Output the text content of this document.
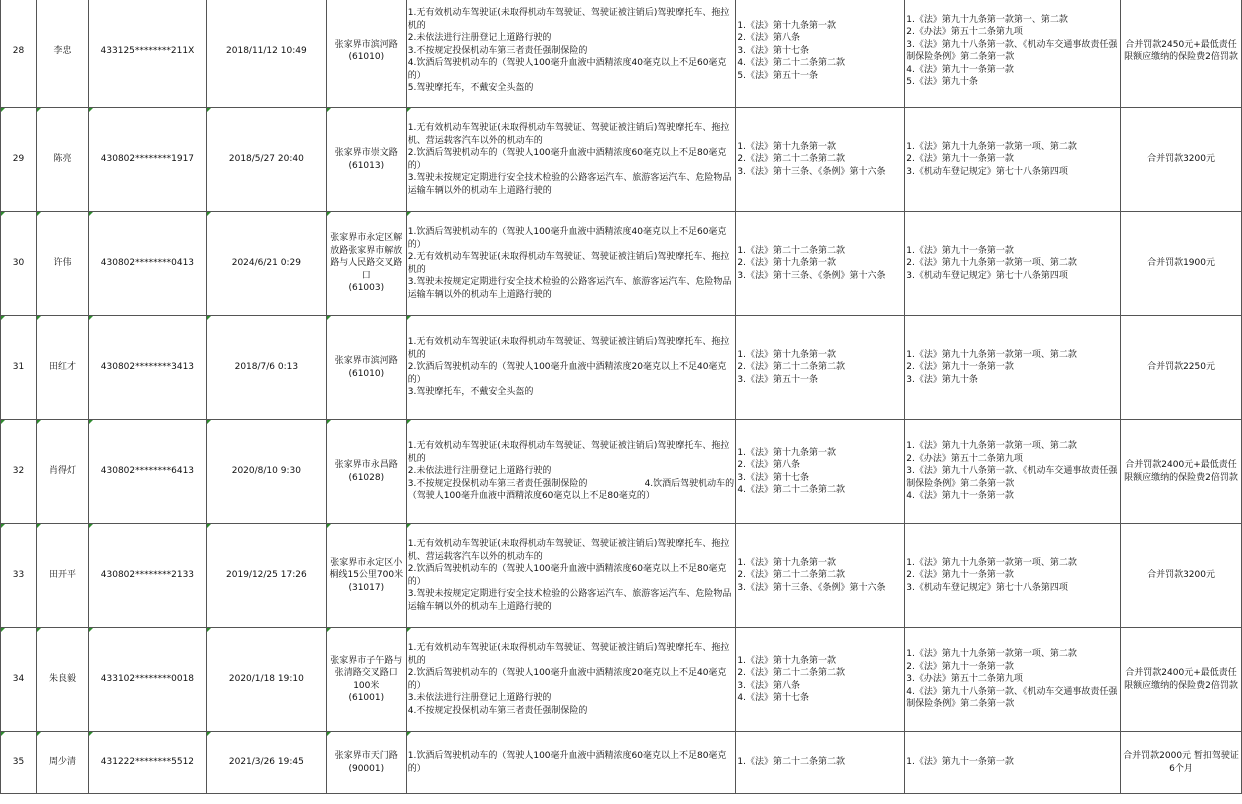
28	李忠	433125********211X	2018/11/12 10:49	张家界市滨河路
(61010)	1.无有效机动车驾驶证(未取得机动车驾驶证、驾驶证被注销后)驾驶摩托车、拖拉机的
2.未依法进行注册登记上道路行驶的
3.不按规定投保机动车第三者责任强制保险的
4.饮酒后驾驶机动车的（驾驶人100毫升血液中酒精浓度40毫克以上不足60毫克的）
5.驾驶摩托车，不戴安全头盔的	1.《法》第十九条第一款
2.《法》第八条
3.《法》第十七条
4.《法》第二十二条第二款
5.《法》第五十一条	1.《法》第九十九条第一款第一、第二款
2.《办法》第五十二条第九项
3.《法》第九十八条第一款、《机动车交通事故责任强制保险条例》第二条第一款
4.《法》第九十一条第一款
5.《法》第九十条	合并罚款2450元+最低责任限额应缴纳的保险费2倍罚款

29	陈亮	430802********1917	2018/5/27 20:40	张家界市崇文路
(61013)	1.无有效机动车驾驶证(未取得机动车驾驶证、驾驶证被注销后)驾驶摩托车、拖拉机、营运载客汽车以外的机动车的
2.饮酒后驾驶机动车的（驾驶人100毫升血液中酒精浓度60毫克以上不足80毫克的）
3.驾驶未按规定定期进行安全技术检验的公路客运汽车、旅游客运汽车、危险物品运输车辆以外的机动车上道路行驶的	1.《法》第十九条第一款
2.《法》第二十二条第二款
3.《法》第十三条、《条例》第十六条	1.《法》第九十九条第一款第一项、第二款
2.《法》第九十一条第一款
3.《机动车登记规定》第七十八条第四项	合并罚款3200元

30	许伟	430802********0413	2024/6/21 0:29	张家界市永定区解放路张家界市解放路与人民路交叉路口
(61003)	1.饮酒后驾驶机动车的（驾驶人100毫升血液中酒精浓度40毫克以上不足60毫克的）
2.无有效机动车驾驶证(未取得机动车驾驶证、驾驶证被注销后)驾驶摩托车、拖拉机的
3.驾驶未按规定定期进行安全技术检验的公路客运汽车、旅游客运汽车、危险物品运输车辆以外的机动车上道路行驶的	1.《法》第二十二条第二款
2.《法》第十九条第一款
3.《法》第十三条、《条例》第十六条	1.《法》第九十一条第一款
2.《法》第九十九条第一款第一项、第二款
3.《机动车登记规定》第七十八条第四项	合并罚款1900元

31	田红才	430802********3413	2018/7/6 0:13	张家界市滨河路
(61010)	1.无有效机动车驾驶证(未取得机动车驾驶证、驾驶证被注销后)驾驶摩托车、拖拉机的
2.饮酒后驾驶机动车的（驾驶人100毫升血液中酒精浓度20毫克以上不足40毫克的）
3.驾驶摩托车，不戴安全头盔的	1.《法》第十九条第一款
2.《法》第二十二条第二款
3.《法》第五十一条	1.《法》第九十九条第一款第一项、第二款
2.《法》第九十一条第一款
3.《法》第九十条	合并罚款2250元

32	肖得灯	430802********6413	2020/8/10 9:30	张家界市永昌路
(61028)	1.无有效机动车驾驶证(未取得机动车驾驶证、驾驶证被注销后)驾驶摩托车、拖拉机的
2.未依法进行注册登记上道路行驶的
3.不按规定投保机动车第三者责任强制保险的                    4.饮酒后驾驶机动车的（驾驶人100毫升血液中酒精浓度60毫克以上不足80毫克的）	1.《法》第十九条第一款
2.《法》第八条
3.《法》第十七条
4.《法》第二十二条第二款	1.《法》第九十九条第一款第一项、第二款
2.《办法》第五十二条第九项
3.《法》第九十八条第一款、《机动车交通事故责任强制保险条例》第二条第一款
4.《法》第九十一条第一款	合并罚款2400元+最低责任限额应缴纳的保险费2倍罚款

33	田开平	430802********2133	2019/12/25 17:26	张家界市永定区小桐线15公里700米 (31017)	1.无有效机动车驾驶证(未取得机动车驾驶证、驾驶证被注销后)驾驶摩托车、拖拉机、营运载客汽车以外的机动车的
2.饮酒后驾驶机动车的（驾驶人100毫升血液中酒精浓度60毫克以上不足80毫克的）
3.驾驶未按规定定期进行安全技术检验的公路客运汽车、旅游客运汽车、危险物品运输车辆以外的机动车上道路行驶的	1.《法》第十九条第一款
2.《法》第二十二条第二款
3.《法》第十三条、《条例》第十六条	1.《法》第九十九条第一款第一项、第二款
2.《法》第九十一条第一款
3.《机动车登记规定》第七十八条第四项	合并罚款3200元

34	朱良毅	433102********0018	2020/1/18 19:10	张家界市子午路与张清路交叉路口100米
(61001)	1.无有效机动车驾驶证(未取得机动车驾驶证、驾驶证被注销后)驾驶摩托车、拖拉机的
2.饮酒后驾驶机动车的（驾驶人100毫升血液中酒精浓度20毫克以上不足40毫克的）
3.未依法进行注册登记上道路行驶的
4.不按规定投保机动车第三者责任强制保险的	1.《法》第十九条第一款
2.《法》第二十二条第二款
3.《法》第八条
4.《法》第十七条	1.《法》第九十九条第一款第一项、第二款
2.《法》第九十一条第一款
3.《办法》第五十二条第九项
4.《法》第九十八条第一款、《机动车交通事故责任强制保险条例》第二条第一款	合并罚款2400元+最低责任限额应缴纳的保险费2倍罚款

35	周少清	431222********5512	2021/3/26 19:45	张家界市天门路
(90001)	1.饮酒后驾驶机动车的（驾驶人100毫升血液中酒精浓度60毫克以上不足80毫克的）	1.《法》第二十二条第二款	1.《法》第九十一条第一款	合并罚款2000元 暂扣驾驶证6个月
